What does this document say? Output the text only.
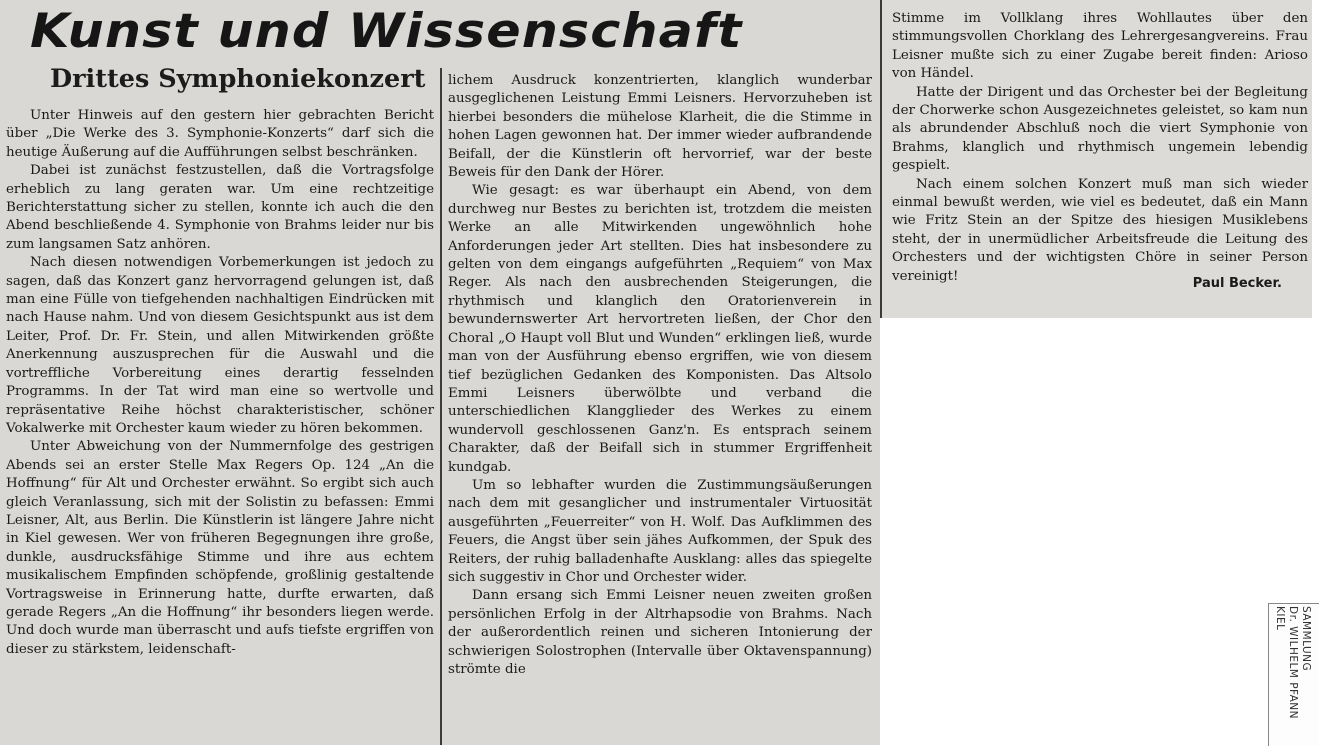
Kunst und Wissenschaft
Drittes Symphoniekonzert

Unter Hinweis auf den gestern hier gebrachten Bericht über „Die Werke des 3. Symphonie-Konzerts“ darf sich die heutige Äußerung auf die Aufführungen selbst beschränken.

Dabei ist zunächst festzustellen, daß die Vortragsfolge erheblich zu lang geraten war. Um eine rechtzeitige Berichterstattung sicher zu stellen, konnte ich auch die den Abend beschließende 4. Symphonie von Brahms leider nur bis zum langsamen Satz anhören.

Nach diesen notwendigen Vorbemerkungen ist jedoch zu sagen, daß das Konzert ganz hervorragend gelungen ist, daß man eine Fülle von tiefgehenden nachhaltigen Eindrücken mit nach Hause nahm. Und von diesem Gesichtspunkt aus ist dem Leiter, Prof. Dr. Fr. Stein, und allen Mitwirkenden größte Anerkennung auszusprechen für die Auswahl und die vortreffliche Vorbereitung eines derartig fesselnden Programms. In der Tat wird man eine so wertvolle und repräsentative Reihe höchst charakteristischer, schöner Vokalwerke mit Orchester kaum wieder zu hören bekommen.

Unter Abweichung von der Nummernfolge des gestrigen Abends sei an erster Stelle Max Regers Op. 124 „An die Hoffnung“ für Alt und Orchester erwähnt. So ergibt sich auch gleich Veranlassung, sich mit der Solistin zu befassen: Emmi Leisner, Alt, aus Berlin. Die Künstlerin ist längere Jahre nicht in Kiel gewesen. Wer von früheren Begegnungen ihre große, dunkle, ausdrucksfähige Stimme und ihre aus echtem musikalischem Empfinden schöpfende, großlinig gestaltende Vortragsweise in Erinnerung hatte, durfte erwarten, daß gerade Regers „An die Hoffnung“ ihr besonders liegen werde. Und doch wurde man überrascht und aufs tiefste ergriffen von dieser zu stärkstem, leidenschaft-

lichem Ausdruck konzentrierten, klanglich wunderbar ausgeglichenen Leistung Emmi Leisners. Hervorzuheben ist hierbei besonders die mühelose Klarheit, die die Stimme in hohen Lagen gewonnen hat. Der immer wieder aufbrandende Beifall, der die Künstlerin oft hervorrief, war der beste Beweis für den Dank der Hörer.

Wie gesagt: es war überhaupt ein Abend, von dem durchweg nur Bestes zu berichten ist, trotzdem die meisten Werke an alle Mitwirkenden ungewöhnlich hohe Anforderungen jeder Art stellten. Dies hat insbesondere zu gelten von dem eingangs aufgeführten „Requiem“ von Max Reger. Als nach den ausbrechenden Steigerungen, die rhythmisch und klanglich den Oratorienverein in bewundernswerter Art hervortreten ließen, der Chor den Choral „O Haupt voll Blut und Wunden“ erklingen ließ, wurde man von der Ausführung ebenso ergriffen, wie von diesem tief bezüglichen Gedanken des Komponisten. Das Altsolo Emmi Leisners überwölbte und verband die unterschiedlichen Klangglieder des Werkes zu einem wundervoll geschlossenen Ganz'n. Es entsprach seinem Charakter, daß der Beifall sich in stummer Ergriffenheit kundgab.

Um so lebhafter wurden die Zustimmungsäußerungen nach dem mit gesanglicher und instrumentaler Virtuosität ausgeführten „Feuerreiter“ von H. Wolf. Das Aufklimmen des Feuers, die Angst über sein jähes Aufkommen, der Spuk des Reiters, der ruhig balladenhafte Ausklang: alles das spiegelte sich suggestiv in Chor und Orchester wider.

Dann ersang sich Emmi Leisner neuen zweiten großen persönlichen Erfolg in der Altrhapsodie von Brahms. Nach der außerordentlich reinen und sicheren Intonierung der schwierigen Solostrophen (Intervalle über Oktavenspannung) strömte die

Stimme im Vollklang ihres Wohllautes über den stimmungsvollen Chorklang des Lehrergesangvereins. Frau Leisner mußte sich zu einer Zugabe bereit finden: Arioso von Händel.

Hatte der Dirigent und das Orchester bei der Begleitung der Chorwerke schon Ausgezeichnetes geleistet, so kam nun als abrundender Abschluß noch die viert Symphonie von Brahms, klanglich und rhythmisch ungemein lebendig gespielt.

Nach einem solchen Konzert muß man sich wieder einmal bewußt werden, wie viel es bedeutet, daß ein Mann wie Fritz Stein an der Spitze des hiesigen Musiklebens steht, der in unermüdlicher Arbeitsfreude die Leitung des Orchesters und der wichtigsten Chöre in seiner Person vereinigt!	Paul Becker.
SAMMLUNG
Dr. WILHELM PFANN
KIEL
